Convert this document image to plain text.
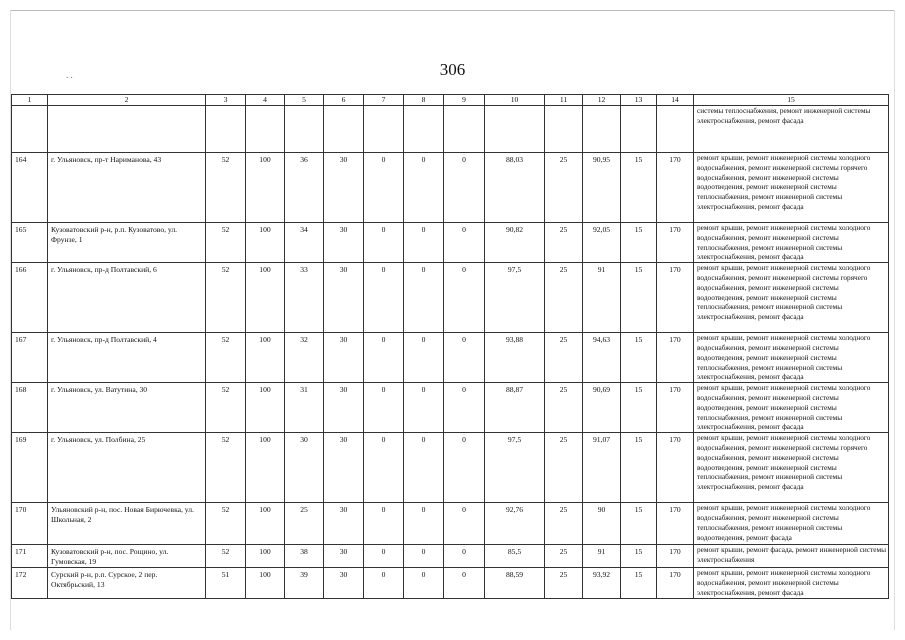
306
. .
1	2	3	4	5	6	7	8	9	10	11	12	13	14	15
														системы теплоснабжения, ремонт инженерной системы электроснабжения, ремонт фасада
164	г. Ульяновск, пр-т Нариманова, 43	52	100	36	30	0	0	0	88,03	25	90,95	15	170	ремонт крыши, ремонт инженерной системы холодного водоснабжения, ремонт инженерной системы горячего водоснабжения, ремонт инженерной системы водоотведения, ремонт инженерной системы теплоснабжения, ремонт инженерной системы электроснабжения, ремонт фасада
165	Кузоватовский р-н, р.п. Кузоватово, ул. Фрунзе, 1	52	100	34	30	0	0	0	90,82	25	92,05	15	170	ремонт крыши, ремонт инженерной системы холодного водоснабжения, ремонт инженерной системы теплоснабжения, ремонт инженерной системы электроснабжения, ремонт фасада
166	г. Ульяновск, пр-д Полтавский, 6	52	100	33	30	0	0	0	97,5	25	91	15	170	ремонт крыши, ремонт инженерной системы холодного водоснабжения, ремонт инженерной системы горячего водоснабжения, ремонт инженерной системы водоотведения, ремонт инженерной системы теплоснабжения, ремонт инженерной системы электроснабжения, ремонт фасада
167	г. Ульяновск, пр-д Полтавский, 4	52	100	32	30	0	0	0	93,88	25	94,63	15	170	ремонт крыши, ремонт инженерной системы холодного водоснабжения, ремонт инженерной системы водоотведения, ремонт инженерной системы теплоснабжения, ремонт инженерной системы электроснабжения, ремонт фасада
168	г. Ульяновск, ул. Ватутина, 30	52	100	31	30	0	0	0	88,87	25	90,69	15	170	ремонт крыши, ремонт инженерной системы холодного водоснабжения, ремонт инженерной системы водоотведения, ремонт инженерной системы теплоснабжения, ремонт инженерной системы электроснабжения, ремонт фасада
169	г. Ульяновск, ул. Полбина, 25	52	100	30	30	0	0	0	97,5	25	91,07	15	170	ремонт крыши, ремонт инженерной системы холодного водоснабжения, ремонт инженерной системы горячего водоснабжения, ремонт инженерной системы водоотведения, ремонт инженерной системы теплоснабжения, ремонт инженерной системы электроснабжения, ремонт фасада
170	Ульяновский р-н, пос. Новая Бирючевка, ул. Школьная, 2	52	100	25	30	0	0	0	92,76	25	90	15	170	ремонт крыши, ремонт инженерной системы холодного водоснабжения, ремонт инженерной системы теплоснабжения, ремонт инженерной системы водоотведения, ремонт фасада
171	Кузоватовский р-н, пос. Рощино, ул. Гумовская, 19	52	100	38	30	0	0	0	85,5	25	91	15	170	ремонт крыши, ремонт фасада, ремонт инженерной системы электроснабжения
172	Сурский р-н, р.п. Сурское, 2 пер. Октябрьский, 13	51	100	39	30	0	0	0	88,59	25	93,92	15	170	ремонт крыши, ремонт инженерной системы холодного водоснабжения, ремонт инженерной системы электроснабжения, ремонт фасада
